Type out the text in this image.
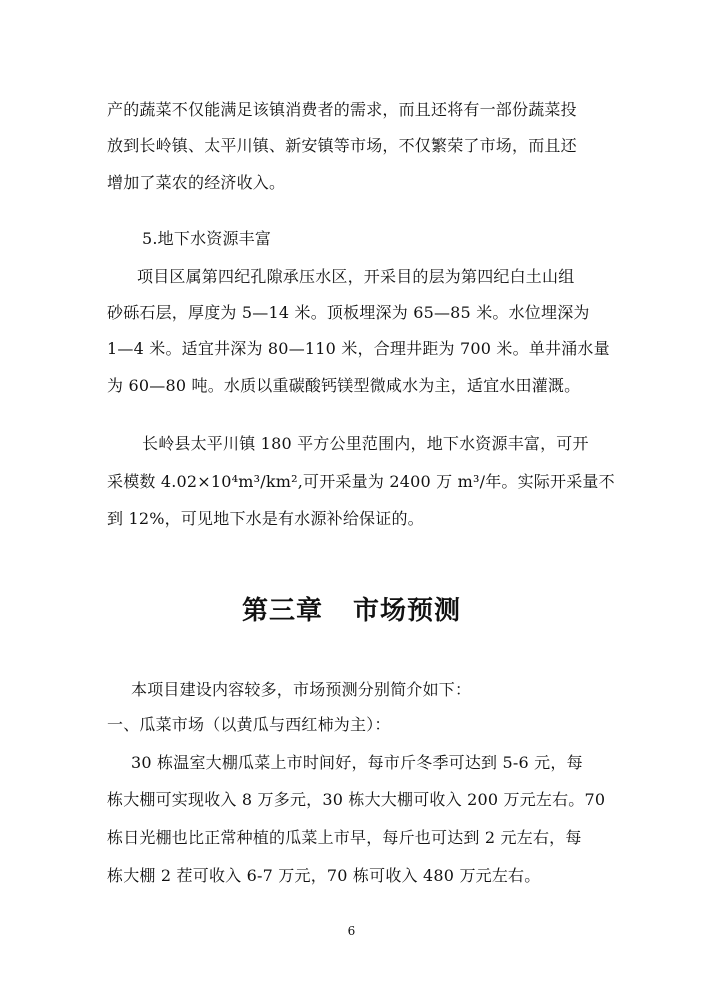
产的蔬菜不仅能满足该镇消费者的需求，而且还将有一部份蔬菜投
放到长岭镇、太平川镇、新安镇等市场，不仅繁荣了市场，而且还
增加了菜农的经济收入。
5.地下水资源丰富
项目区属第四纪孔隙承压水区，开采目的层为第四纪白土山组
砂砾石层，厚度为 5—14 米。顶板埋深为 65—85 米。水位埋深为
1—4 米。适宜井深为 80—110 米，合理井距为 700 米。单井涌水量
为 60—80 吨。水质以重碳酸钙镁型微咸水为主，适宜水田灌溉。
长岭县太平川镇 180 平方公里范围内，地下水资源丰富，可开
采模数 4.02×10⁴m³/km²,可开采量为 2400 万 m³/年。实际开采量不
到 12%，可见地下水是有水源补给保证的。
第三章 市场预测
本项目建设内容较多，市场预测分别简介如下：
一、瓜菜市场（以黄瓜与西红柿为主）：
30 栋温室大棚瓜菜上市时间好，每市斤冬季可达到 5-6 元，每
栋大棚可实现收入 8 万多元，30 栋大大棚可收入 200 万元左右。70
栋日光棚也比正常种植的瓜菜上市早，每斤也可达到 2 元左右，每
栋大棚 2 茬可收入 6-7 万元，70 栋可收入 480 万元左右。
6
